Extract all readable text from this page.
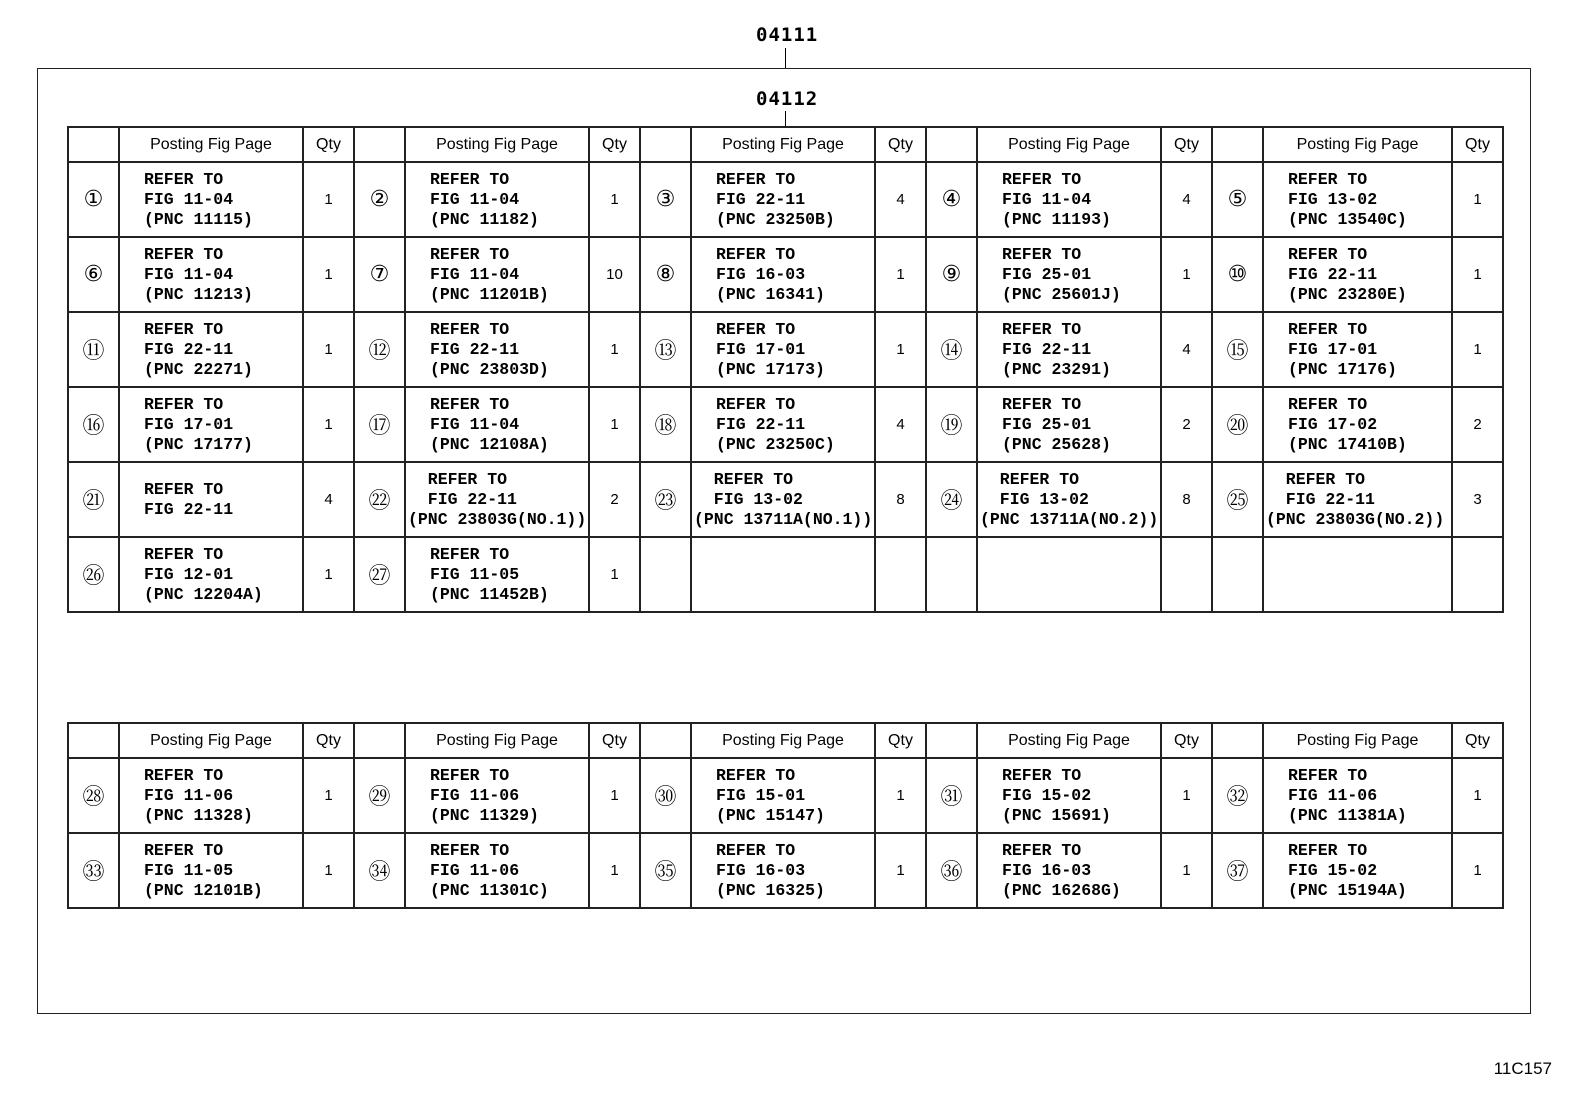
04111
04112
	Posting Fig Page	Qty		Posting Fig Page	Qty		Posting Fig Page	Qty		Posting Fig Page	Qty		Posting Fig Page	Qty
①	REFER TO
FIG 11-04
(PNC 11115)	1	②	REFER TO
FIG 11-04
(PNC 11182)	1	③	REFER TO
FIG 22-11
(PNC 23250B)	4	④	REFER TO
FIG 11-04
(PNC 11193)	4	⑤	REFER TO
FIG 13-02
(PNC 13540C)	1
⑥	REFER TO
FIG 11-04
(PNC 11213)	1	⑦	REFER TO
FIG 11-04
(PNC 11201B)	10	⑧	REFER TO
FIG 16-03
(PNC 16341)	1	⑨	REFER TO
FIG 25-01
(PNC 25601J)	1	⑩	REFER TO
FIG 22-11
(PNC 23280E)	1
⑪	REFER TO
FIG 22-11
(PNC 22271)	1	⑫	REFER TO
FIG 22-11
(PNC 23803D)	1	⑬	REFER TO
FIG 17-01
(PNC 17173)	1	⑭	REFER TO
FIG 22-11
(PNC 23291)	4	⑮	REFER TO
FIG 17-01
(PNC 17176)	1
⑯	REFER TO
FIG 17-01
(PNC 17177)	1	⑰	REFER TO
FIG 11-04
(PNC 12108A)	1	⑱	REFER TO
FIG 22-11
(PNC 23250C)	4	⑲	REFER TO
FIG 25-01
(PNC 25628)	2	⑳	REFER TO
FIG 17-02
(PNC 17410B)	2
㉑	REFER TO
FIG 22-11	4	㉒	REFER TO
FIG 22-11
(PNC 23803G(NO.1))	2	㉓	REFER TO
FIG 13-02
(PNC 13711A(NO.1))	8	㉔	REFER TO
FIG 13-02
(PNC 13711A(NO.2))	8	㉕	REFER TO
FIG 22-11
(PNC 23803G(NO.2))	3
㉖	REFER TO
FIG 12-01
(PNC 12204A)	1	㉗	REFER TO
FIG 11-05
(PNC 11452B)	1		

	Posting Fig Page	Qty		Posting Fig Page	Qty		Posting Fig Page	Qty		Posting Fig Page	Qty		Posting Fig Page	Qty
㉘	REFER TO
FIG 11-06
(PNC 11328)	1	㉙	REFER TO
FIG 11-06
(PNC 11329)	1	㉚	REFER TO
FIG 15-01
(PNC 15147)	1	㉛	REFER TO
FIG 15-02
(PNC 15691)	1	㉜	REFER TO
FIG 11-06
(PNC 11381A)	1
㉝	REFER TO
FIG 11-05
(PNC 12101B)	1	㉞	REFER TO
FIG 11-06
(PNC 11301C)	1	㉟	REFER TO
FIG 16-03
(PNC 16325)	1	㊱	REFER TO
FIG 16-03
(PNC 16268G)	1	㊲	REFER TO
FIG 15-02
(PNC 15194A)	1
11C157
